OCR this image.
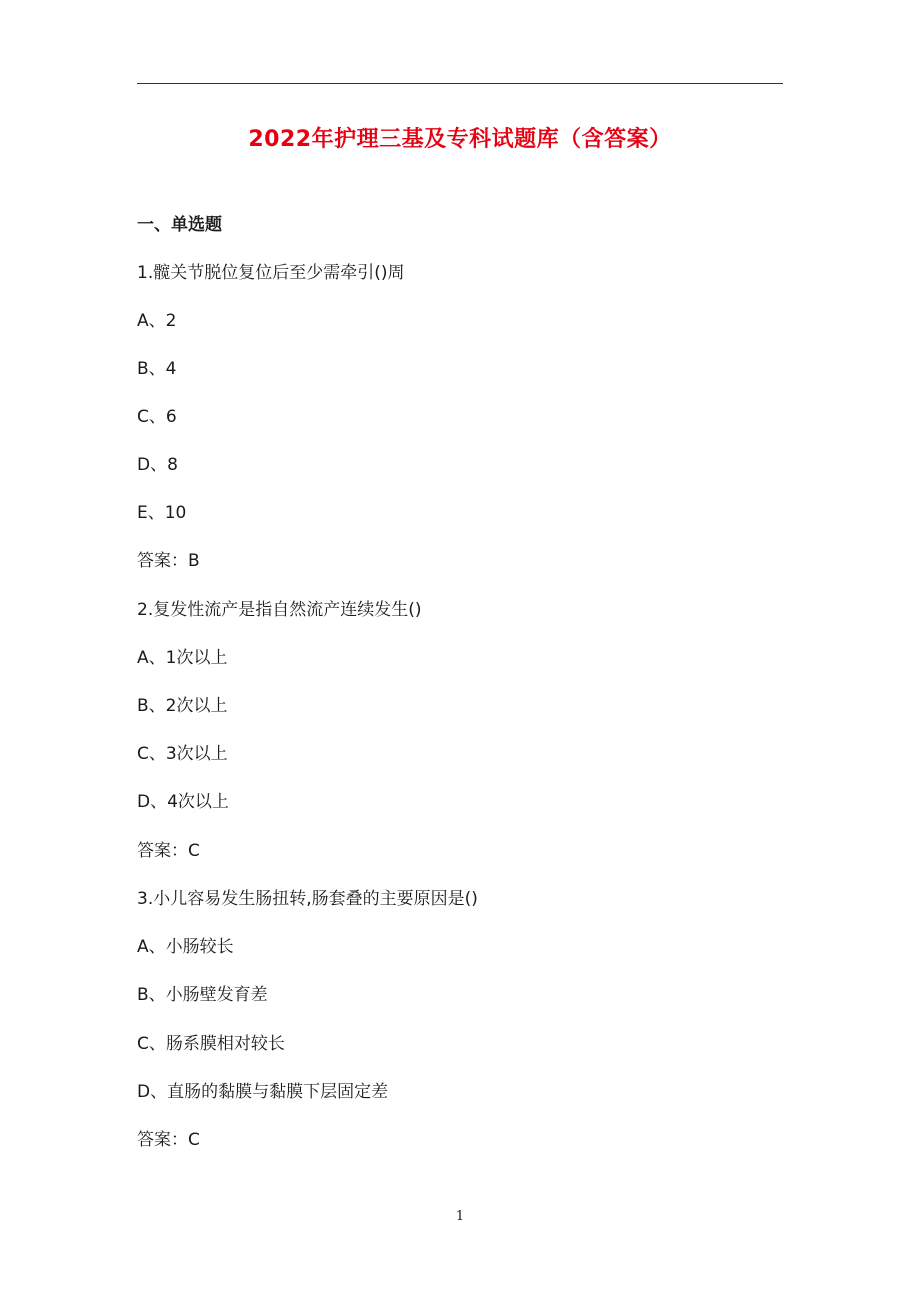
2022年护理三基及专科试题库（含答案）
一、单选题
1.髋关节脱位复位后至少需牵引()周
A、2
B、4
C、6
D、8
E、10
答案：B
2.复发性流产是指自然流产连续发生()
A、1次以上
B、2次以上
C、3次以上
D、4次以上
答案：C
3.小儿容易发生肠扭转,肠套叠的主要原因是()
A、小肠较长
B、小肠壁发育差
C、肠系膜相对较长
D、直肠的黏膜与黏膜下层固定差
答案：C
1
